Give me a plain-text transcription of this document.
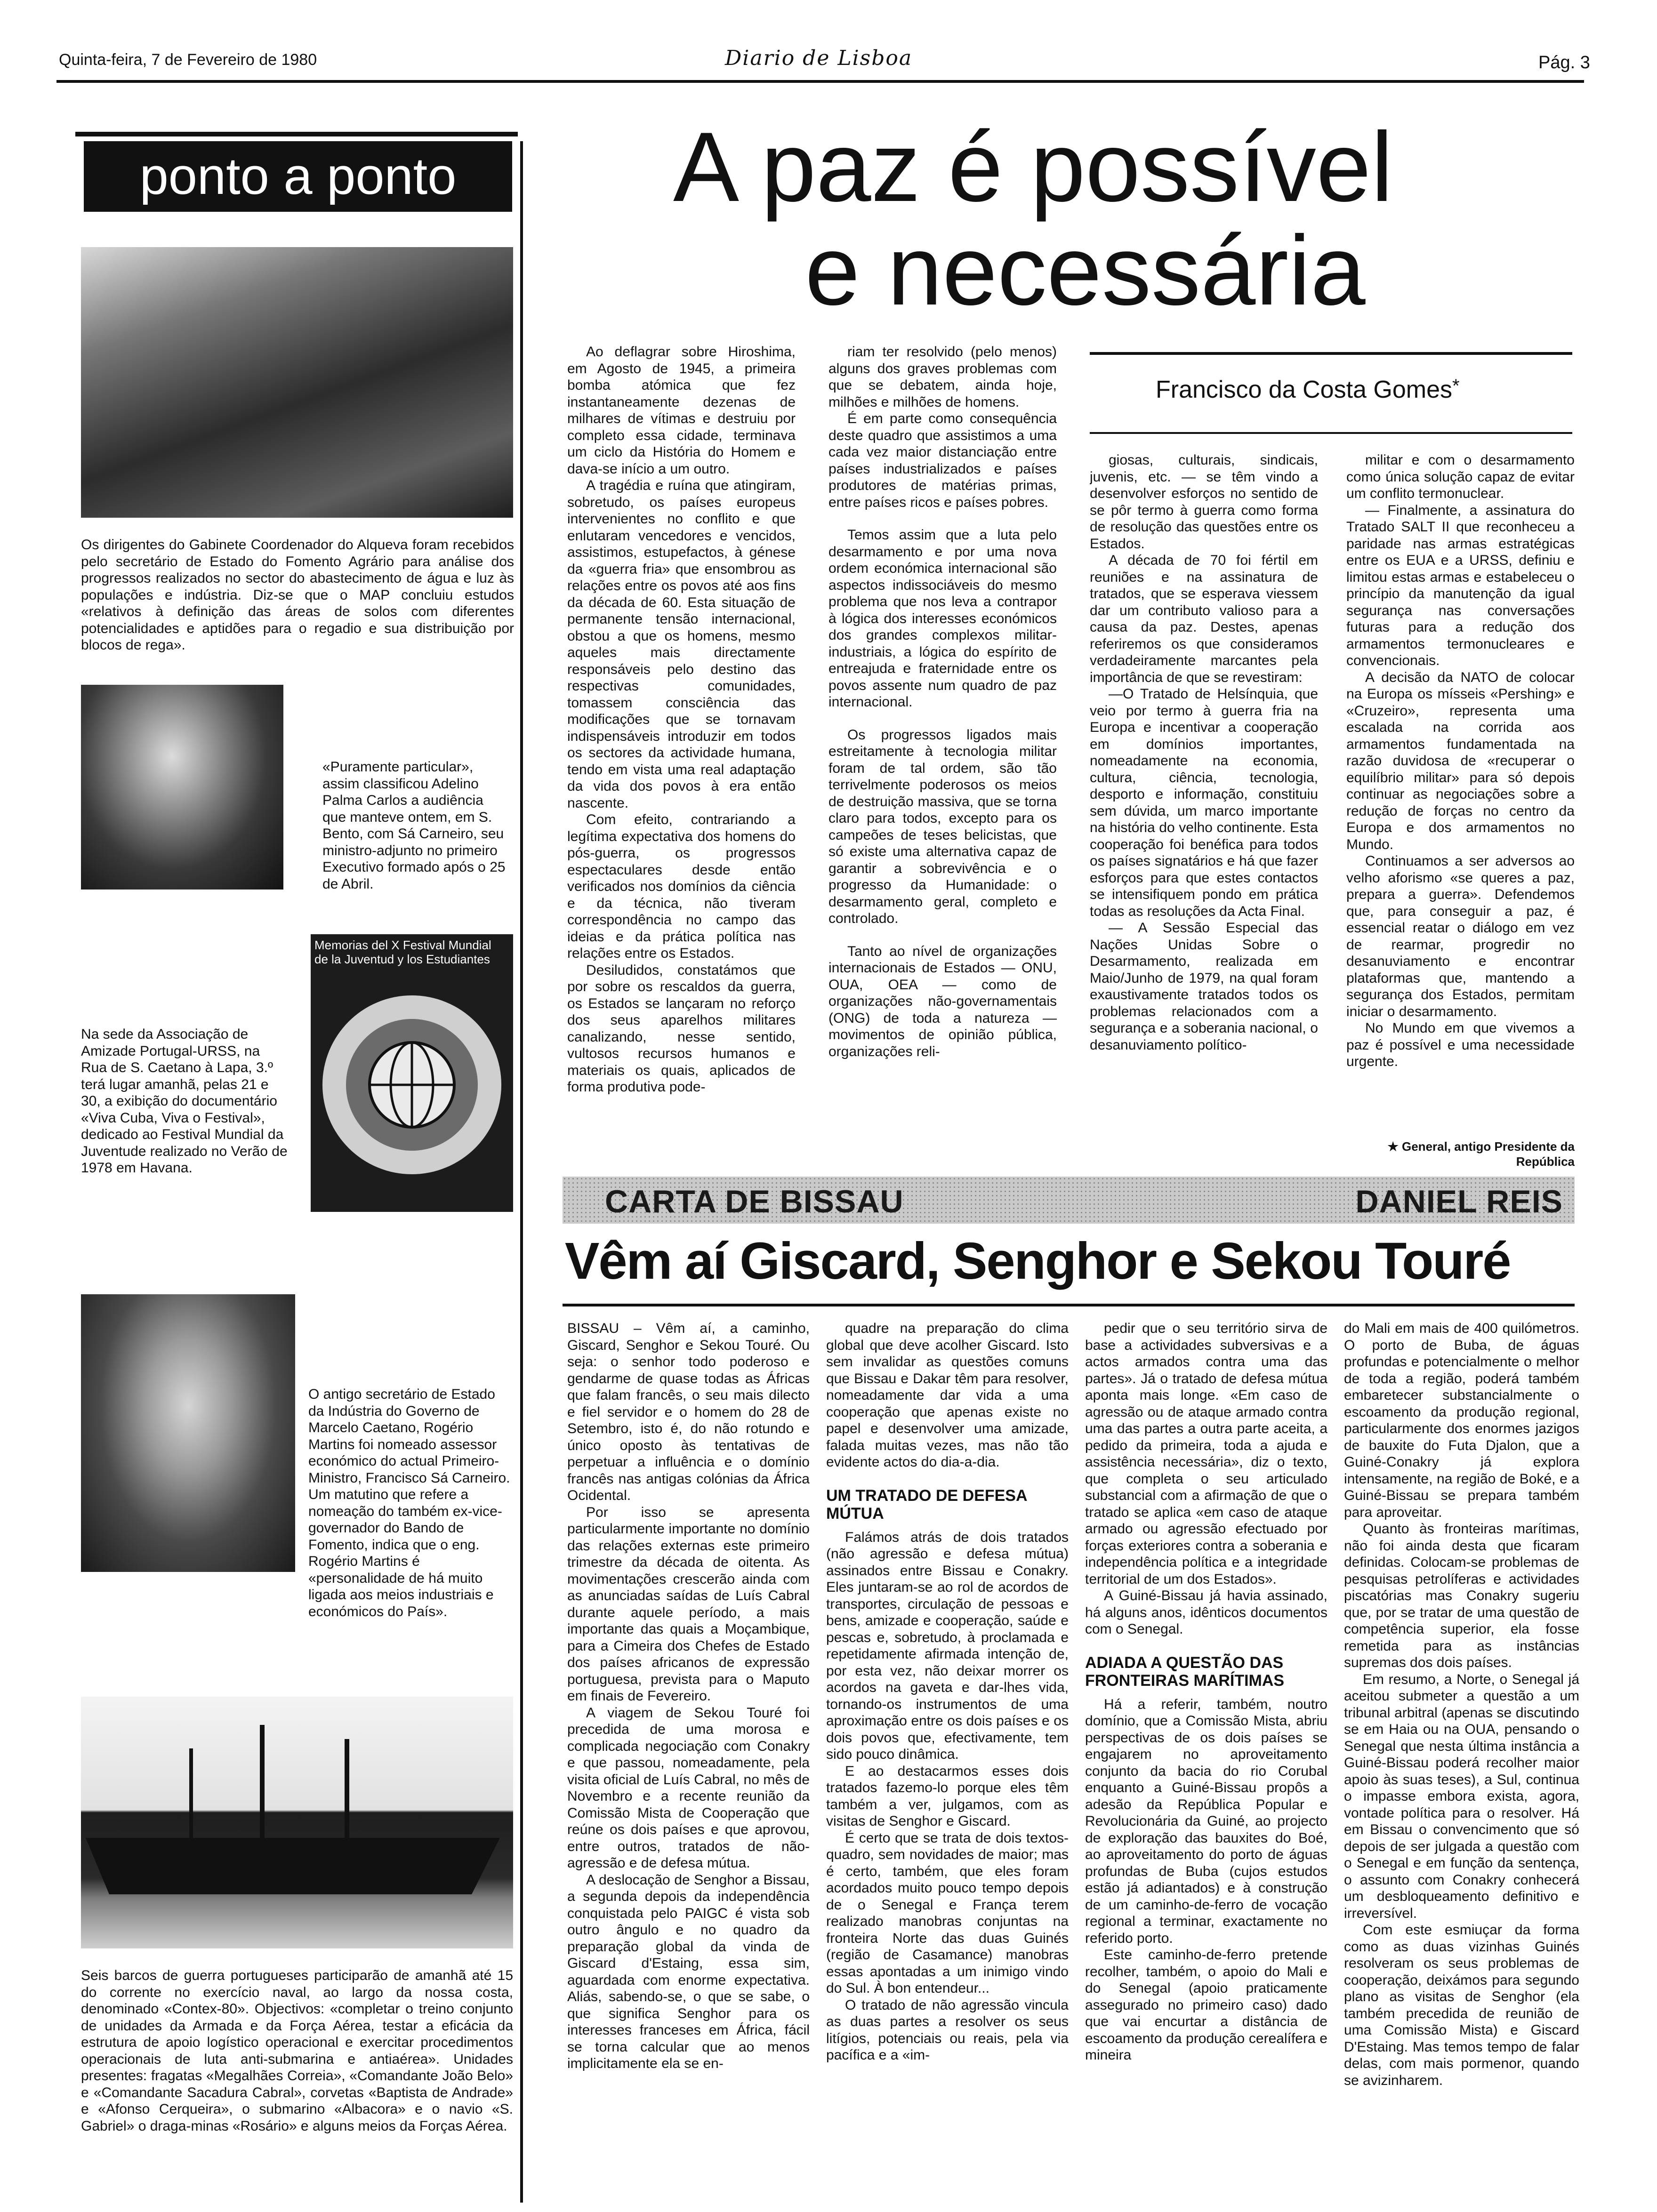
Quinta-feira, 7 de Fevereiro de 1980	Diario de Lisboa	Pág. 3
ponto a ponto
Os dirigentes do Gabinete Coordenador do Alqueva foram recebidos pelo secretário de Estado do Fomento Agrário para análise dos progressos realizados no sector do abastecimento de água e luz às populações e indústria. Diz-se que o MAP concluiu estudos «relativos à definição das áreas de solos com diferentes potencialidades e aptidões para o regadio e sua distribuição por blocos de rega».
«Puramente particular», assim classificou Adelino Palma Carlos a audiência que manteve ontem, em S. Bento, com Sá Carneiro, seu ministro-adjunto no primeiro Executivo formado após o 25 de Abril.
Memorias del X Festival Mundial de la Juventud y los Estudiantes
Na sede da Associação de Amizade Portugal-URSS, na Rua de S. Caetano à Lapa, 3.º terá lugar amanhã, pelas 21 e 30, a exibição do documentário «Viva Cuba, Viva o Festival», dedicado ao Festival Mundial da Juventude realizado no Verão de 1978 em Havana.
O antigo secretário de Estado da Indústria do Governo de Marcelo Caetano, Rogério Martins foi nomeado assessor económico do actual Primeiro-Ministro, Francisco Sá Carneiro. Um matutino que refere a nomeação do também ex-vice-governador do Bando de Fomento, indica que o eng. Rogério Martins é «personalidade de há muito ligada aos meios industriais e económicos do País».
Seis barcos de guerra portugueses participarão de amanhã até 15 do corrente no exercício naval, ao largo da nossa costa, denominado «Contex-80». Objectivos: «completar o treino conjunto de unidades da Armada e da Força Aérea, testar a eficácia da estrutura de apoio logístico operacional e exercitar procedimentos operacionais de luta anti-submarina e antiaérea». Unidades presentes: fragatas «Megalhães Correia», «Comandante João Belo» e «Comandante Sacadura Cabral», corvetas «Baptista de Andrade» e «Afonso Cerqueira», o submarino «Albacora» e o navio «S. Gabriel» o draga-minas «Rosário» e alguns meios da Forças Aérea.
A paz é possível
e necessária
Francisco da Costa Gomes*

Ao deflagrar sobre Hiroshima, em Agosto de 1945, a primeira bomba atómica que fez instantaneamente dezenas de milhares de vítimas e destruiu por completo essa cidade, terminava um ciclo da História do Homem e dava-se início a um outro.

A tragédia e ruína que atingiram, sobretudo, os países europeus intervenientes no conflito e que enlutaram vencedores e vencidos, assistimos, estupefactos, à génese da «guerra fria» que ensombrou as relações entre os povos até aos fins da década de 60. Esta situação de permanente tensão internacional, obstou a que os homens, mesmo aqueles mais directamente responsáveis pelo destino das respectivas comunidades, tomassem consciência das modificações que se tornavam indispensáveis introduzir em todos os sectores da actividade humana, tendo em vista uma real adaptação da vida dos povos à era então nascente.

Com efeito, contrariando a legítima expectativa dos homens do pós-guerra, os progressos espectaculares desde então verificados nos domínios da ciência e da técnica, não tiveram correspondência no campo das ideias e da prática política nas relações entre os Estados.

Desiludidos, constatámos que por sobre os rescaldos da guerra, os Estados se lançaram no reforço dos seus aparelhos militares canalizando, nesse sentido, vultosos recursos humanos e materiais os quais, aplicados de forma produtiva pode-

riam ter resolvido (pelo menos) alguns dos graves problemas com que se debatem, ainda hoje, milhões e milhões de homens.

É em parte como consequência deste quadro que assistimos a uma cada vez maior distanciação entre países industrializados e países produtores de matérias primas, entre países ricos e países pobres.

Temos assim que a luta pelo desarmamento e por uma nova ordem económica internacional são aspectos indissociáveis do mesmo problema que nos leva a contrapor à lógica dos interesses económicos dos grandes complexos militar-industriais, a lógica do espírito de entreajuda e fraternidade entre os povos assente num quadro de paz internacional.

Os progressos ligados mais estreitamente à tecnologia militar foram de tal ordem, são tão terrivelmente poderosos os meios de destruição massiva, que se torna claro para todos, excepto para os campeões de teses belicistas, que só existe uma alternativa capaz de garantir a sobrevivência e o progresso da Humanidade: o desarmamento geral, completo e controlado.

Tanto ao nível de organizações internacionais de Estados — ONU, OUA, OEA — como de organizações não-governamentais (ONG) de toda a natureza — movimentos de opinião pública, organizações reli-

giosas, culturais, sindicais, juvenis, etc. — se têm vindo a desenvolver esforços no sentido de se pôr termo à guerra como forma de resolução das questões entre os Estados.

A década de 70 foi fértil em reuniões e na assinatura de tratados, que se esperava viessem dar um contributo valioso para a causa da paz. Destes, apenas referiremos os que consideramos verdadeiramente marcantes pela importância de que se revestiram:

—O Tratado de Helsínquia, que veio por termo à guerra fria na Europa e incentivar a cooperação em domínios importantes, nomeadamente na economia, cultura, ciência, tecnologia, desporto e informação, constituiu sem dúvida, um marco importante na história do velho continente. Esta cooperação foi benéfica para todos os países signatários e há que fazer esforços para que estes contactos se intensifiquem pondo em prática todas as resoluções da Acta Final.

— A Sessão Especial das Nações Unidas Sobre o Desarmamento, realizada em Maio/Junho de 1979, na qual foram exaustivamente tratados todos os problemas relacionados com a segurança e a soberania nacional, o desanuviamento político-

militar e com o desarmamento como única solução capaz de evitar um conflito termonuclear.

— Finalmente, a assinatura do Tratado SALT II que reconheceu a paridade nas armas estratégicas entre os EUA e a URSS, definiu e limitou estas armas e estabeleceu o princípio da manutenção da igual segurança nas conversações futuras para a redução dos armamentos termonucleares e convencionais.

A decisão da NATO de colocar na Europa os mísseis «Pershing» e «Cruzeiro», representa uma escalada na corrida aos armamentos fundamentada na razão duvidosa de «recuperar o equilíbrio militar» para só depois continuar as negociações sobre a redução de forças no centro da Europa e dos armamentos no Mundo.

Continuamos a ser adversos ao velho aforismo «se queres a paz, prepara a guerra». Defendemos que, para conseguir a paz, é essencial reatar o diálogo em vez de rearmar, progredir no desanuviamento e encontrar plataformas que, mantendo a segurança dos Estados, permitam iniciar o desarmamento.

No Mundo em que vivemos a paz é possível e uma necessidade urgente.

★ General, antigo Presidente da República
CARTA DE BISSAU	DANIEL REIS
Vêm aí Giscard, Senghor e Sekou Touré

BISSAU – Vêm aí, a caminho, Giscard, Senghor e Sekou Touré. Ou seja: o senhor todo poderoso e gendarme de quase todas as Áfricas que falam francês, o seu mais dilecto e fiel servidor e o homem do 28 de Setembro, isto é, do não rotundo e único oposto às tentativas de perpetuar a influência e o domínio francês nas antigas colónias da África Ocidental.

Por isso se apresenta particularmente importante no domínio das relações externas este primeiro trimestre da década de oitenta. As movimentações crescerão ainda com as anunciadas saídas de Luís Cabral durante aquele período, a mais importante das quais a Moçambique, para a Cimeira dos Chefes de Estado dos países africanos de expressão portuguesa, prevista para o Maputo em finais de Fevereiro.

A viagem de Sekou Touré foi precedida de uma morosa e complicada negociação com Conakry e que passou, nomeadamente, pela visita oficial de Luís Cabral, no mês de Novembro e a recente reunião da Comissão Mista de Cooperação que reúne os dois países e que aprovou, entre outros, tratados de não-agressão e de defesa mútua.

A deslocação de Senghor a Bissau, a segunda depois da independência conquistada pelo PAIGC é vista sob outro ângulo e no quadro da preparação global da vinda de Giscard d'Estaing, essa sim, aguardada com enorme expectativa. Aliás, sabendo-se, o que se sabe, o que significa Senghor para os interesses franceses em África, fácil se torna calcular que ao menos implicitamente ela se en-

quadre na preparação do clima global que deve acolher Giscard. Isto sem invalidar as questões comuns que Bissau e Dakar têm para resolver, nomeadamente dar vida a uma cooperação que apenas existe no papel e desenvolver uma amizade, falada muitas vezes, mas não tão evidente actos do dia-a-dia.

UM TRATADO DE DEFESA MÚTUA

Falámos atrás de dois tratados (não agressão e defesa mútua) assinados entre Bissau e Conakry. Eles juntaram-se ao rol de acordos de transportes, circulação de pessoas e bens, amizade e cooperação, saúde e pescas e, sobretudo, à proclamada e repetidamente afirmada intenção de, por esta vez, não deixar morrer os acordos na gaveta e dar-lhes vida, tornando-os instrumentos de uma aproximação entre os dois países e os dois povos que, efectivamente, tem sido pouco dinâmica.

E ao destacarmos esses dois tratados fazemo-lo porque eles têm também a ver, julgamos, com as visitas de Senghor e Giscard.

É certo que se trata de dois textos-quadro, sem novidades de maior; mas é certo, também, que eles foram acordados muito pouco tempo depois de o Senegal e França terem realizado manobras conjuntas na fronteira Norte das duas Guinés (região de Casamance) manobras essas apontadas a um inimigo vindo do Sul. À bon entendeur...

O tratado de não agressão vincula as duas partes a resolver os seus litígios, potenciais ou reais, pela via pacífica e a «im-

pedir que o seu território sirva de base a actividades subversivas e a actos armados contra uma das partes». Já o tratado de defesa mútua aponta mais longe. «Em caso de agressão ou de ataque armado contra uma das partes a outra parte aceita, a pedido da primeira, toda a ajuda e assistência necessária», diz o texto, que completa o seu articulado substancial com a afirmação de que o tratado se aplica «em caso de ataque armado ou agressão efectuado por forças exteriores contra a soberania e independência política e a integridade territorial de um dos Estados».

A Guiné-Bissau já havia assinado, há alguns anos, idênticos documentos com o Senegal.

ADIADA A QUESTÃO DAS FRONTEIRAS MARÍTIMAS

Há a referir, também, noutro domínio, que a Comissão Mista, abriu perspectivas de os dois países se engajarem no aproveitamento conjunto da bacia do rio Corubal enquanto a Guiné-Bissau propôs a adesão da República Popular e Revolucionária da Guiné, ao projecto de exploração das bauxites do Boé, ao aproveitamento do porto de águas profundas de Buba (cujos estudos estão já adiantados) e à construção de um caminho-de-ferro de vocação regional a terminar, exactamente no referido porto.

Este caminho-de-ferro pretende recolher, também, o apoio do Mali e do Senegal (apoio praticamente assegurado no primeiro caso) dado que vai encurtar a distância de escoamento da produção cerealífera e mineira

do Mali em mais de 400 quilómetros. O porto de Buba, de águas profundas e potencialmente o melhor de toda a região, poderá também embaretecer substancialmente o escoamento da produção regional, particularmente dos enormes jazigos de bauxite do Futa Djalon, que a Guiné-Conakry já explora intensamente, na região de Boké, e a Guiné-Bissau se prepara também para aproveitar.

Quanto às fronteiras marítimas, não foi ainda desta que ficaram definidas. Colocam-se problemas de pesquisas petrolíferas e actividades piscatórias mas Conakry sugeriu que, por se tratar de uma questão de competência superior, ela fosse remetida para as instâncias supremas dos dois países.

Em resumo, a Norte, o Senegal já aceitou submeter a questão a um tribunal arbitral (apenas se discutindo se em Haia ou na OUA, pensando o Senegal que nesta última instância a Guiné-Bissau poderá recolher maior apoio às suas teses), a Sul, continua o impasse embora exista, agora, vontade política para o resolver. Há em Bissau o convencimento que só depois de ser julgada a questão com o Senegal e em função da sentença, o assunto com Conakry conhecerá um desbloqueamento definitivo e irreversível.

Com este esmiuçar da forma como as duas vizinhas Guinés resolveram os seus problemas de cooperação, deixámos para segundo plano as visitas de Senghor (ela também precedida de reunião de uma Comissão Mista) e Giscard D'Estaing. Mas temos tempo de falar delas, com mais pormenor, quando se avizinharem.
